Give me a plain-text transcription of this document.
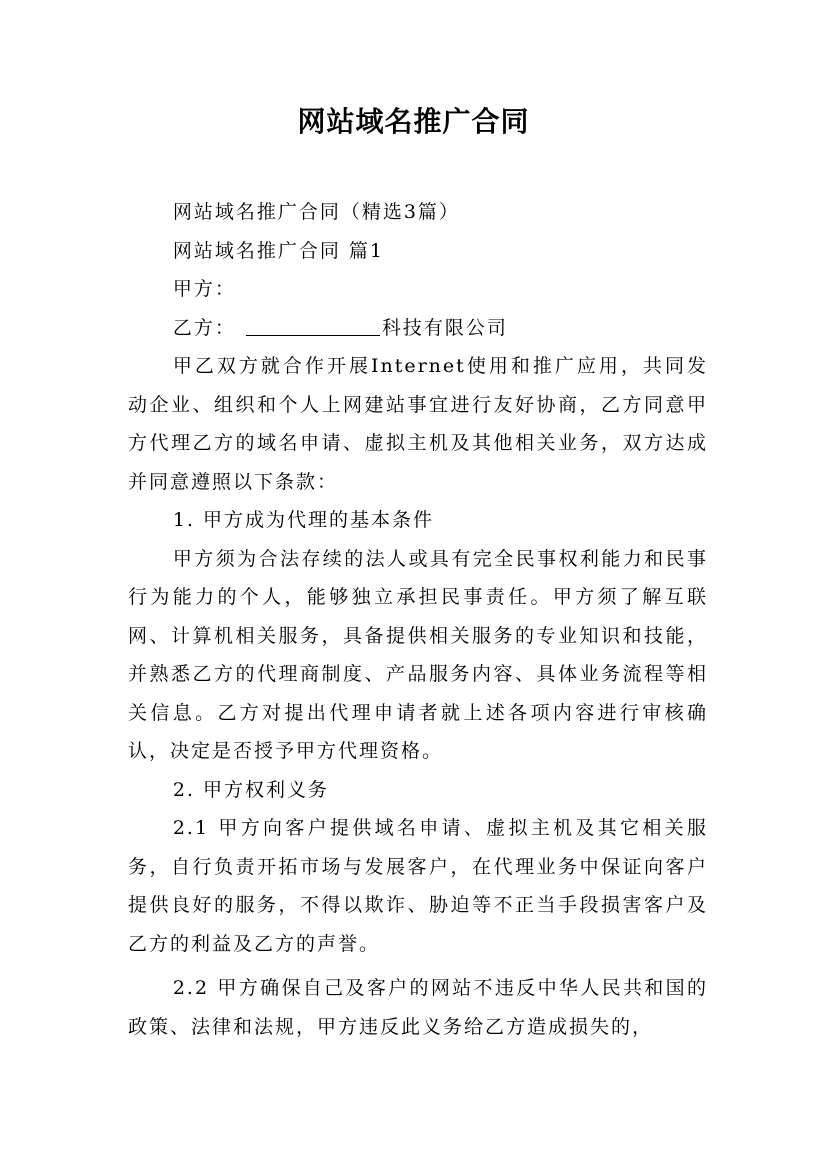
网站域名推广合同

网站域名推广合同（精选3篇）

网站域名推广合同 篇1

甲方：

乙方：	科技有限公司

甲乙双方就合作开展Internet使用和推广应用，共同发动企业、组织和个人上网建站事宜进行友好协商，乙方同意甲方代理乙方的域名申请、虚拟主机及其他相关业务，双方达成并同意遵照以下条款：

1. 甲方成为代理的基本条件

甲方须为合法存续的法人或具有完全民事权利能力和民事行为能力的个人，能够独立承担民事责任。甲方须了解互联网、计算机相关服务，具备提供相关服务的专业知识和技能，并熟悉乙方的代理商制度、产品服务内容、具体业务流程等相关信息。乙方对提出代理申请者就上述各项内容进行审核确认，决定是否授予甲方代理资格。

2. 甲方权利义务

2.1 甲方向客户提供域名申请、虚拟主机及其它相关服务，自行负责开拓市场与发展客户，在代理业务中保证向客户提供良好的服务，不得以欺诈、胁迫等不正当手段损害客户及乙方的利益及乙方的声誉。

2.2 甲方确保自己及客户的网站不违反中华人民共和国的政策、法律和法规，甲方违反此义务给乙方造成损失的，
